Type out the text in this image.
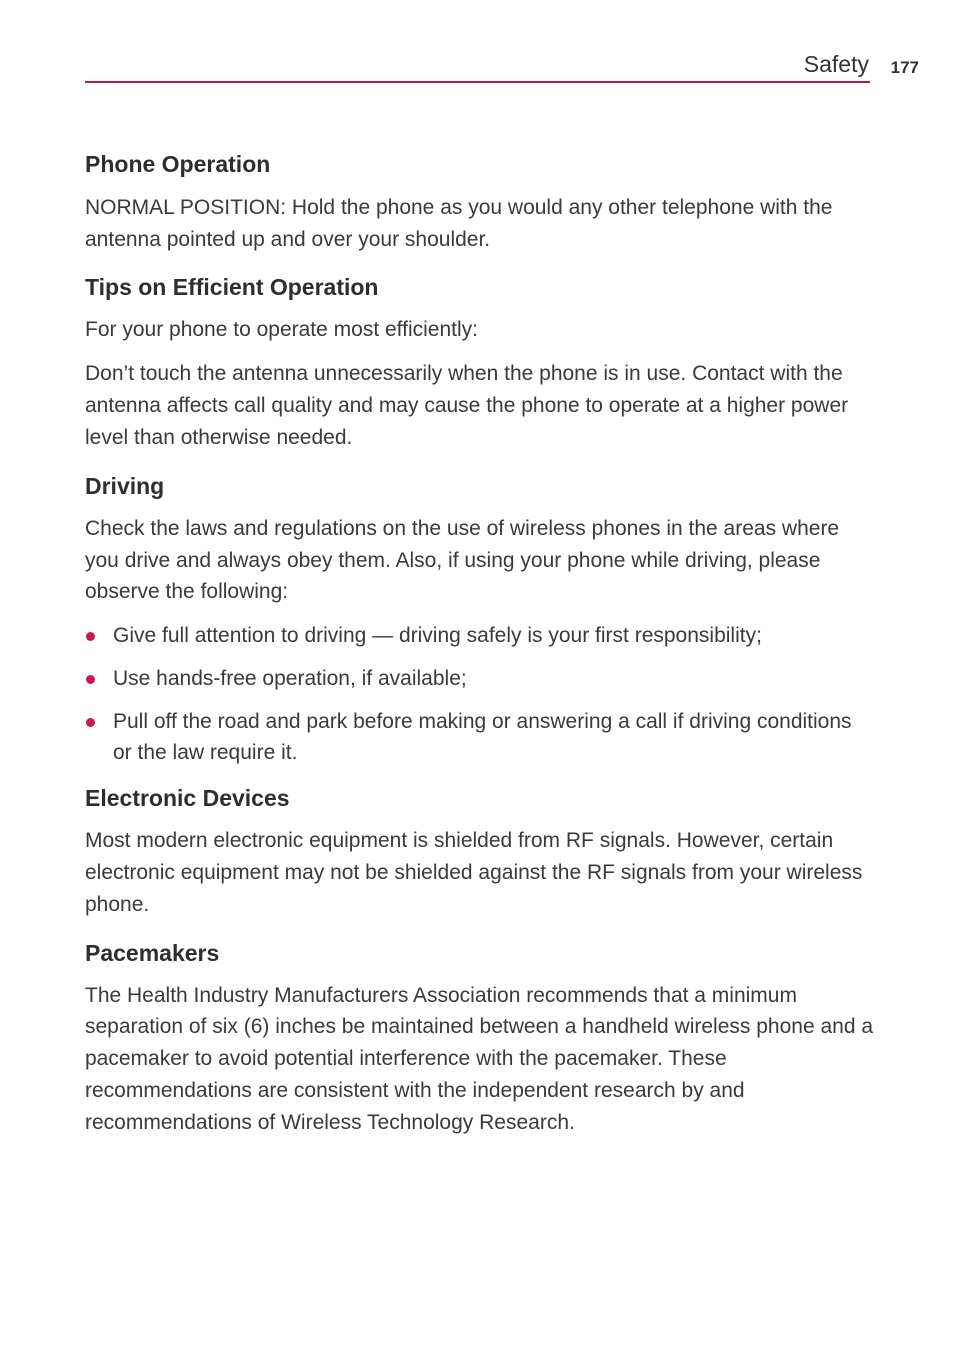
Safety 177
Phone Operation

NORMAL POSITION: Hold the phone as you would any other telephone with the antenna pointed up and over your shoulder.

Tips on Efficient Operation

For your phone to operate most efficiently:

Don’t touch the antenna unnecessarily when the phone is in use. Contact with the antenna affects call quality and may cause the phone to operate at a higher power level than otherwise needed.

Driving

Check the laws and regulations on the use of wireless phones in the areas where you drive and always obey them. Also, if using your phone while driving, please observe the following:

Give full attention to driving — driving safely is your first responsibility;
Use hands-free operation, if available;
Pull off the road and park before making or answering a call if driving conditions or the law require it.
Electronic Devices

Most modern electronic equipment is shielded from RF signals. However, certain electronic equipment may not be shielded against the RF signals from your wireless phone.

Pacemakers

The Health Industry Manufacturers Association recommends that a minimum separation of six (6) inches be maintained between a handheld wireless phone and a pacemaker to avoid potential interference with the pacemaker. These recommendations are consistent with the independent research by and recommendations of Wireless Technology Research.
